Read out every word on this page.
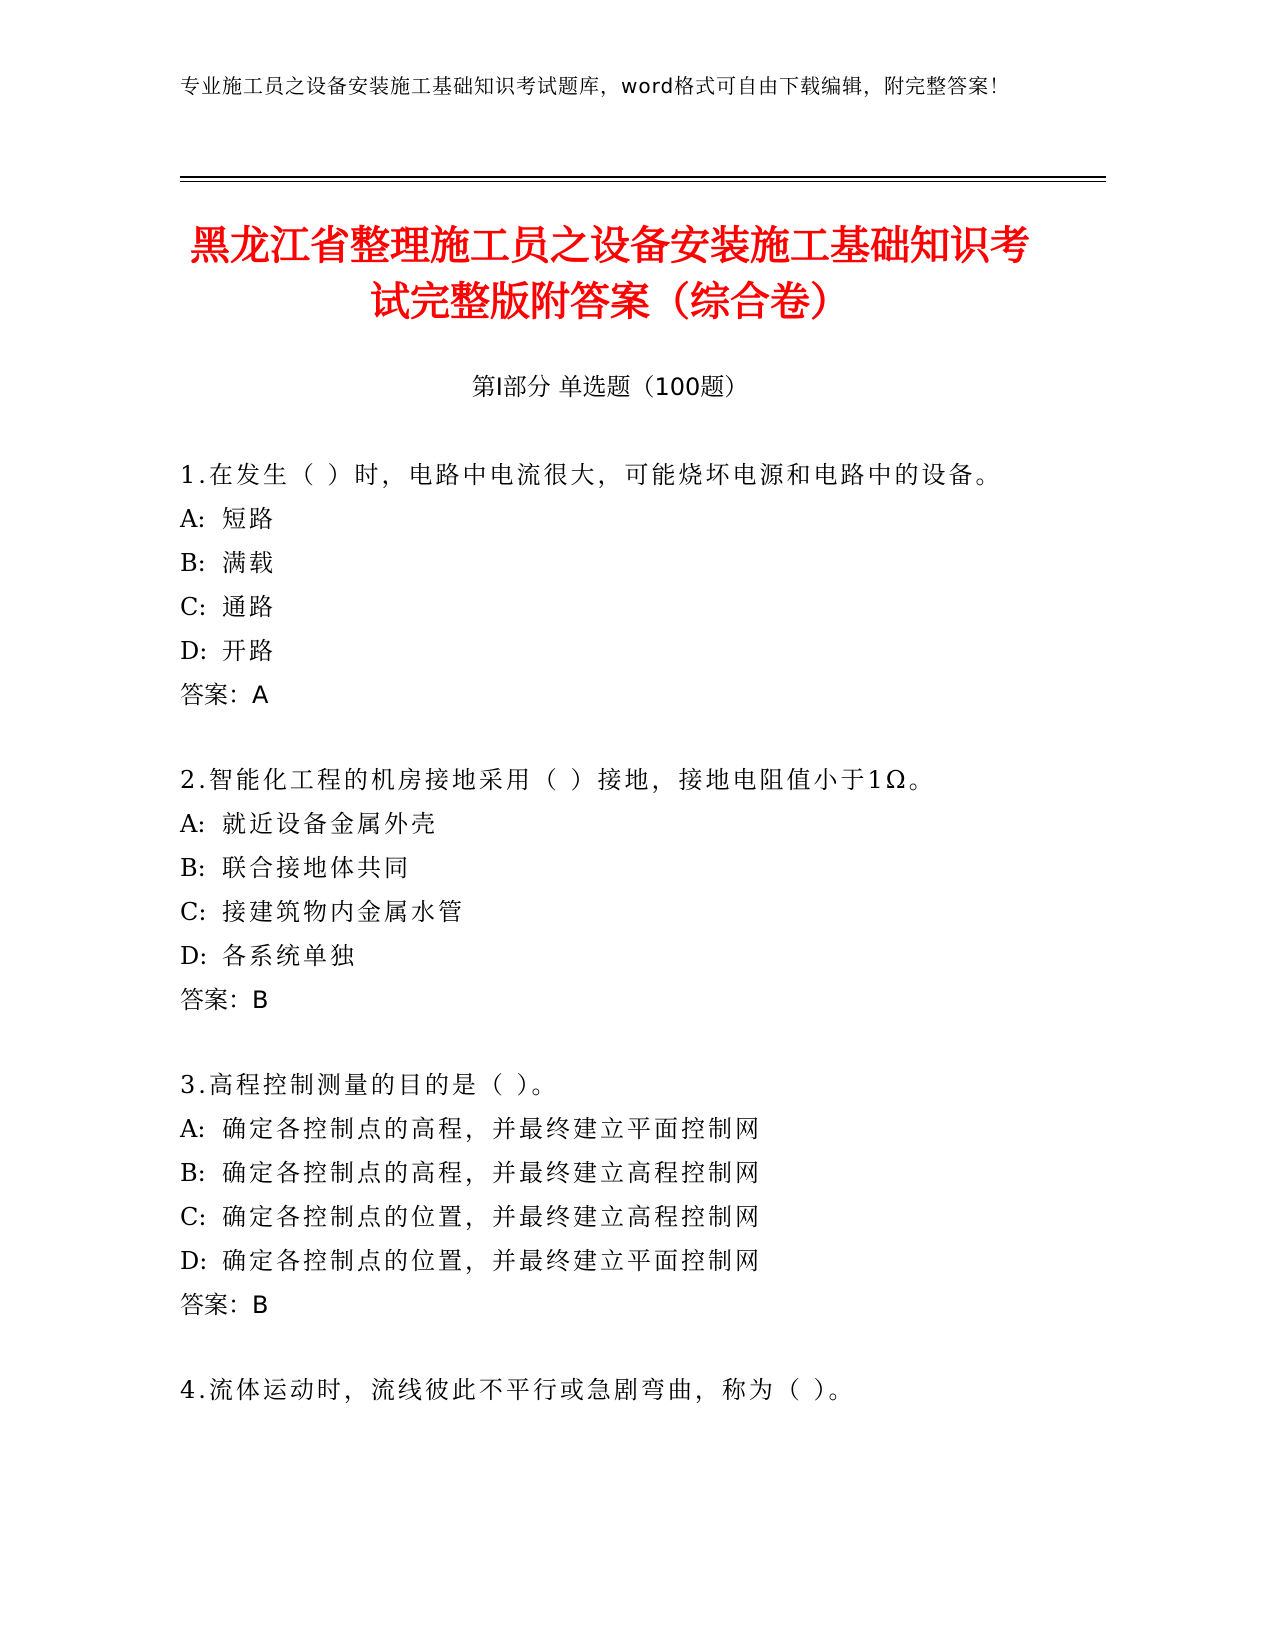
专业施工员之设备安装施工基础知识考试题库，word格式可自由下载编辑，附完整答案！
黑龙江省整理施工员之设备安装施工基础知识考试完整版附答案（综合卷）
第Ⅰ部分 单选题（100题）
1.在发生（ ）时，电路中电流很大，可能烧坏电源和电路中的设备。
A: 短路
B: 满载
C: 通路
D: 开路
答案：A
2.智能化工程的机房接地采用（ ）接地，接地电阻值小于1Ω。
A: 就近设备金属外壳
B: 联合接地体共同
C: 接建筑物内金属水管
D: 各系统单独
答案：B
3.高程控制测量的目的是（ ）。
A: 确定各控制点的高程，并最终建立平面控制网
B: 确定各控制点的高程，并最终建立高程控制网
C: 确定各控制点的位置，并最终建立高程控制网
D: 确定各控制点的位置，并最终建立平面控制网
答案：B
4.流体运动时，流线彼此不平行或急剧弯曲，称为（ ）。
